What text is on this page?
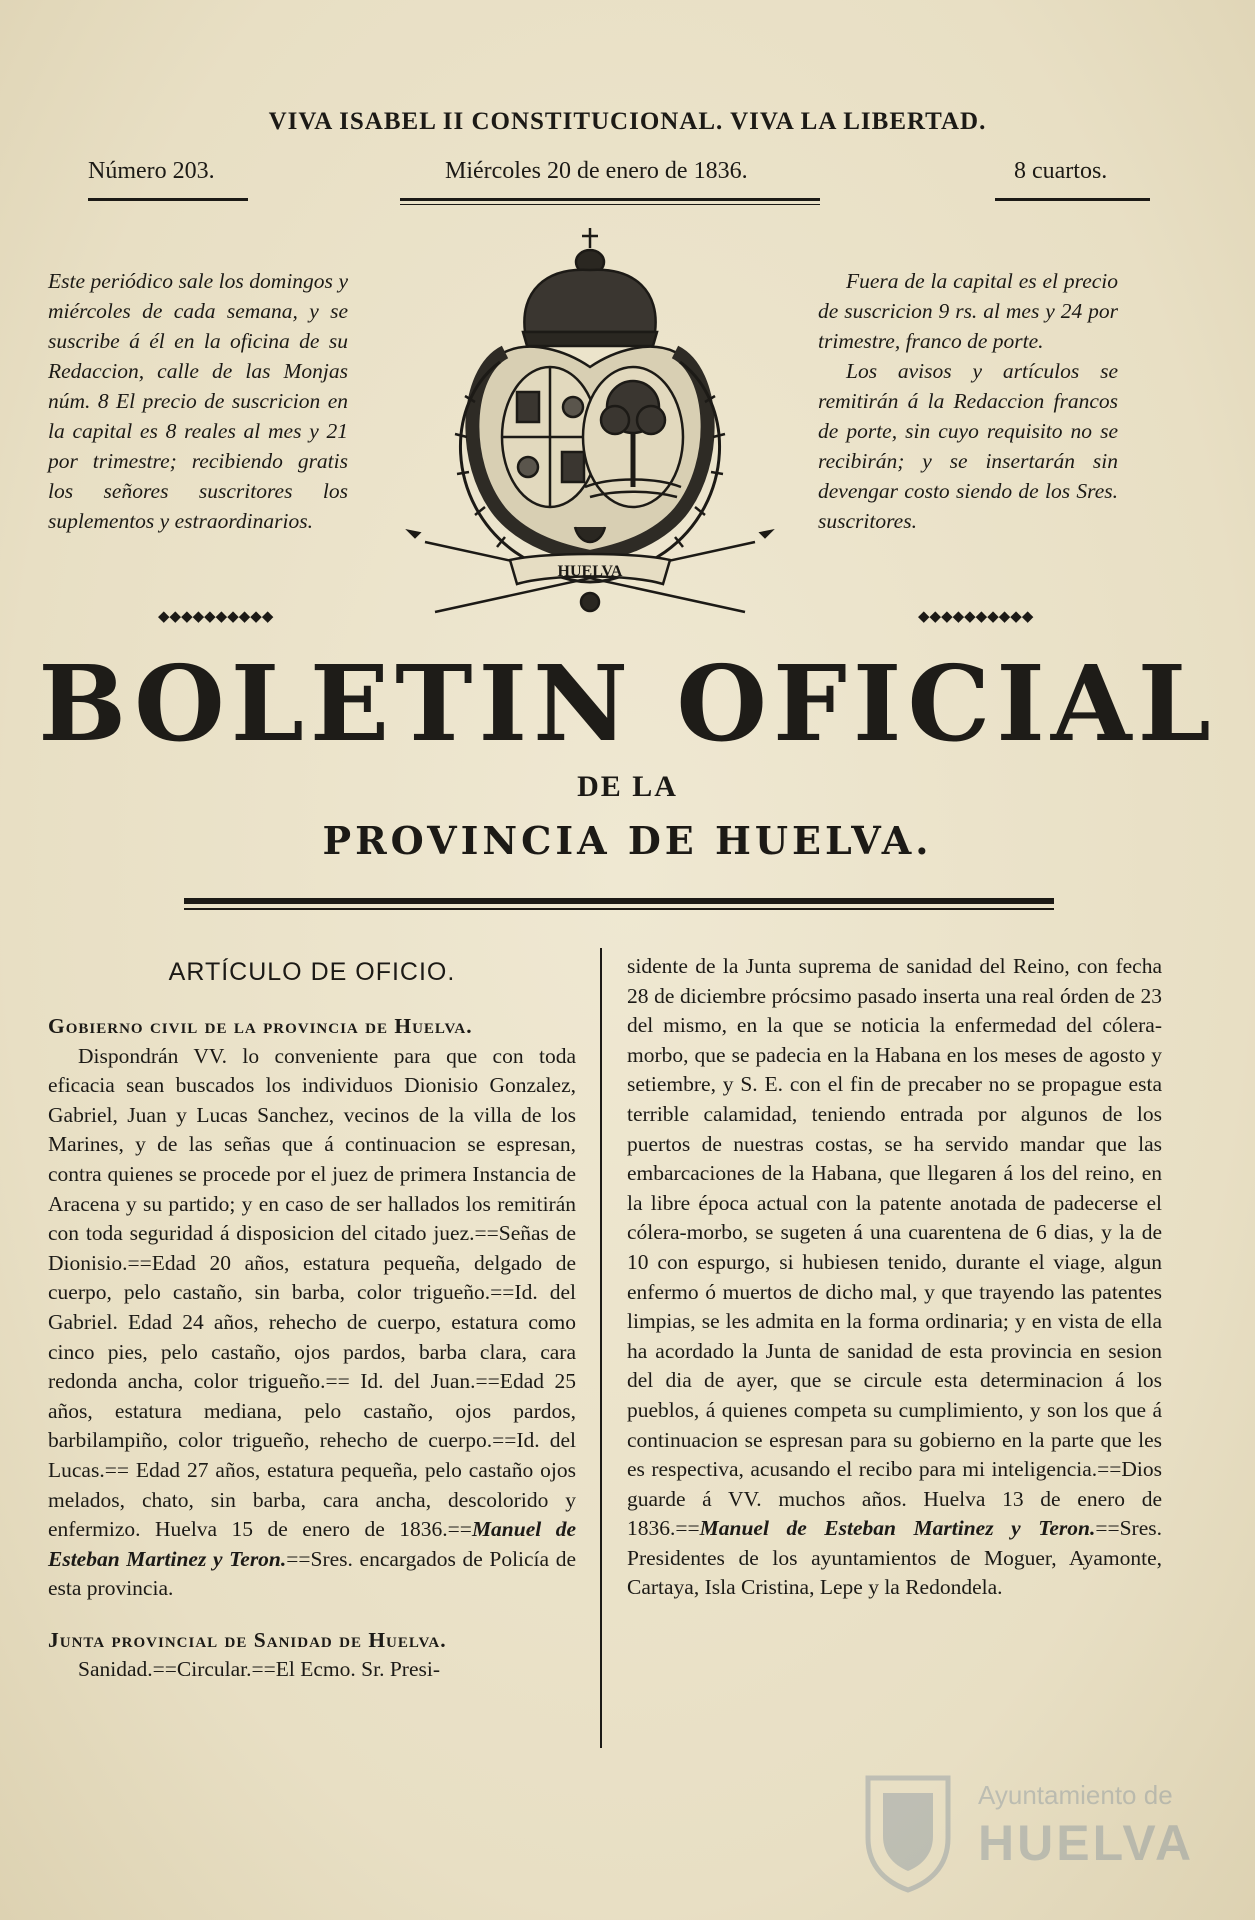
VIVA ISABEL II CONSTITUCIONAL. VIVA LA LIBERTAD.
Número 203.	Miércoles 20 de enero de 1836.	8 cuartos.

Este periódico sale los domingos y miércoles de cada semana, y se suscribe á él en la oficina de su Redaccion, calle de las Monjas núm. 8 El precio de suscricion en la capital es 8 reales al mes y 21 por trimestre; recibiendo gratis los señores suscritores los suplementos y estraordinarios.

Fuera de la capital es el precio de suscricion 9 rs. al mes y 24 por trimestre, franco de porte.

Los avisos y artículos se remitirán á la Redaccion francos de porte, sin cuyo requisito no se recibirán; y se insertarán sin devengar costo siendo de los Sres. suscritores.

◆◆◆◆◆◆◆◆◆◆	◆◆◆◆◆◆◆◆◆◆
HUELVA
BOLETIN OFICIAL
DE LA
PROVINCIA DE HUELVA.
ARTÍCULO DE OFICIO.

Gobierno civil de la provincia de Huelva.

Dispondrán VV. lo conveniente para que con toda eficacia sean buscados los individuos Dionisio Gonzalez, Gabriel, Juan y Lucas Sanchez, vecinos de la villa de los Marines, y de las señas que á continuacion se espresan, contra quienes se procede por el juez de primera Instancia de Aracena y su partido; y en caso de ser hallados los remitirán con toda seguridad á disposicion del citado juez.==Señas de Dionisio.==Edad 20 años, estatura pequeña, delgado de cuerpo, pelo castaño, sin barba, color trigueño.==Id. del Gabriel. Edad 24 años, rehecho de cuerpo, estatura como cinco pies, pelo castaño, ojos pardos, barba clara, cara redonda ancha, color trigueño.== Id. del Juan.==Edad 25 años, estatura mediana, pelo castaño, ojos pardos, barbilampiño, color trigueño, rehecho de cuerpo.==Id. del Lucas.== Edad 27 años, estatura pequeña, pelo castaño ojos melados, chato, sin barba, cara ancha, descolorido y enfermizo. Huelva 15 de enero de 1836.==Manuel de Esteban Martinez y Teron.==Sres. encargados de Policía de esta provincia.

Junta provincial de Sanidad de Huelva.

Sanidad.==Circular.==El Ecmo. Sr. Presi-

sidente de la Junta suprema de sanidad del Reino, con fecha 28 de diciembre prócsimo pasado inserta una real órden de 23 del mismo, en la que se noticia la enfermedad del cólera-morbo, que se padecia en la Habana en los meses de agosto y setiembre, y S. E. con el fin de precaber no se propague esta terrible calamidad, teniendo entrada por algunos de los puertos de nuestras costas, se ha servido mandar que las embarcaciones de la Habana, que llegaren á los del reino, en la libre época actual con la patente anotada de padecerse el cólera-morbo, se sugeten á una cuarentena de 6 dias, y la de 10 con espurgo, si hubiesen tenido, durante el viage, algun enfermo ó muertos de dicho mal, y que trayendo las patentes limpias, se les admita en la forma ordinaria; y en vista de ella ha acordado la Junta de sanidad de esta provincia en sesion del dia de ayer, que se circule esta determinacion á los pueblos, á quienes competa su cumplimiento, y son los que á continuacion se espresan para su gobierno en la parte que les es respectiva, acusando el recibo para mi inteligencia.==Dios guarde á VV. muchos años. Huelva 13 de enero de 1836.==Manuel de Esteban Martinez y Teron.==Sres. Presidentes de los ayuntamientos de Moguer, Ayamonte, Cartaya, Isla Cristina, Lepe y la Redondela.

Ayuntamiento de
HUELVA
